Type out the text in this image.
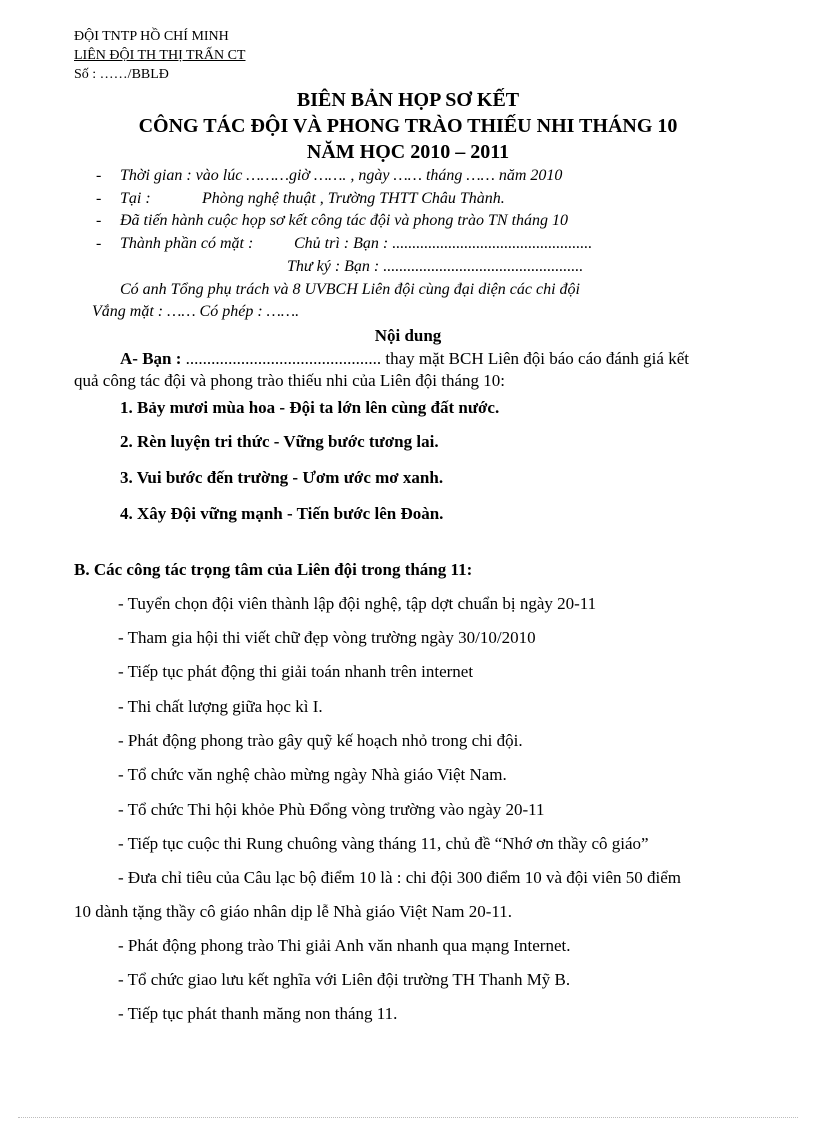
ĐỘI TNTP HỒ CHÍ MINH
LIÊN ĐỘI TH THỊ TRẤN CT
Số : ……/BBLĐ
BIÊN BẢN HỌP SƠ KẾT
CÔNG TÁC ĐỘI VÀ PHONG TRÀO THIẾU NHI THÁNG 10
NĂM HỌC 2010 – 2011
- Thời gian : vào lúc ………giờ ……. , ngày …… tháng …… năm 2010
- Tại :	Phòng nghệ thuật , Trường THTT Châu Thành.
- Đã tiến hành cuộc họp sơ kết công tác đội và phong trào TN tháng 10
- Thành phần có mặt :	Chủ trì : Bạn : ..................................................
Thư ký : Bạn : ..................................................
Có anh Tổng phụ trách và 8 UVBCH Liên đội cùng đại diện các chi đội
Vắng mặt : …… Có phép : …….
Nội dung
A- Bạn : .............................................. thay mặt BCH Liên đội báo cáo đánh giá kết
quả công tác đội và phong trào thiếu nhi của Liên đội tháng 10:
1. Bảy mươi mùa hoa - Đội ta lớn lên cùng đất nước.
2. Rèn luyện tri thức - Vững bước tương lai.
3. Vui bước đến trường - Ươm ước mơ xanh.
4. Xây Đội vững mạnh - Tiến bước lên Đoàn.
B. Các công tác trọng tâm của Liên đội trong tháng 11:
- Tuyển chọn đội viên thành lập đội nghệ, tập dợt chuẩn bị ngày 20-11
- Tham gia hội thi viết chữ đẹp vòng trường ngày 30/10/2010
- Tiếp tục phát động thi giải toán nhanh trên internet
- Thi chất lượng giữa học kì I.
- Phát động phong trào gây quỹ kế hoạch nhỏ trong chi đội.
- Tổ chức văn nghệ chào mừng ngày Nhà giáo Việt Nam.
- Tổ chức Thi hội khỏe Phù Đổng vòng trường vào ngày 20-11
- Tiếp tục cuộc thi Rung chuông vàng tháng 11, chủ đề “Nhớ ơn thầy cô giáo”
- Đưa chỉ tiêu của Câu lạc bộ điểm 10 là : chi đội 300 điểm 10 và đội viên 50 điểm
10 dành tặng thầy cô giáo nhân dịp lễ Nhà giáo Việt Nam 20-11.
- Phát động phong trào Thi giải Anh văn nhanh qua mạng Internet.
- Tổ chức giao lưu kết nghĩa với Liên đội trường TH Thanh Mỹ B.
- Tiếp tục phát thanh măng non tháng 11.
